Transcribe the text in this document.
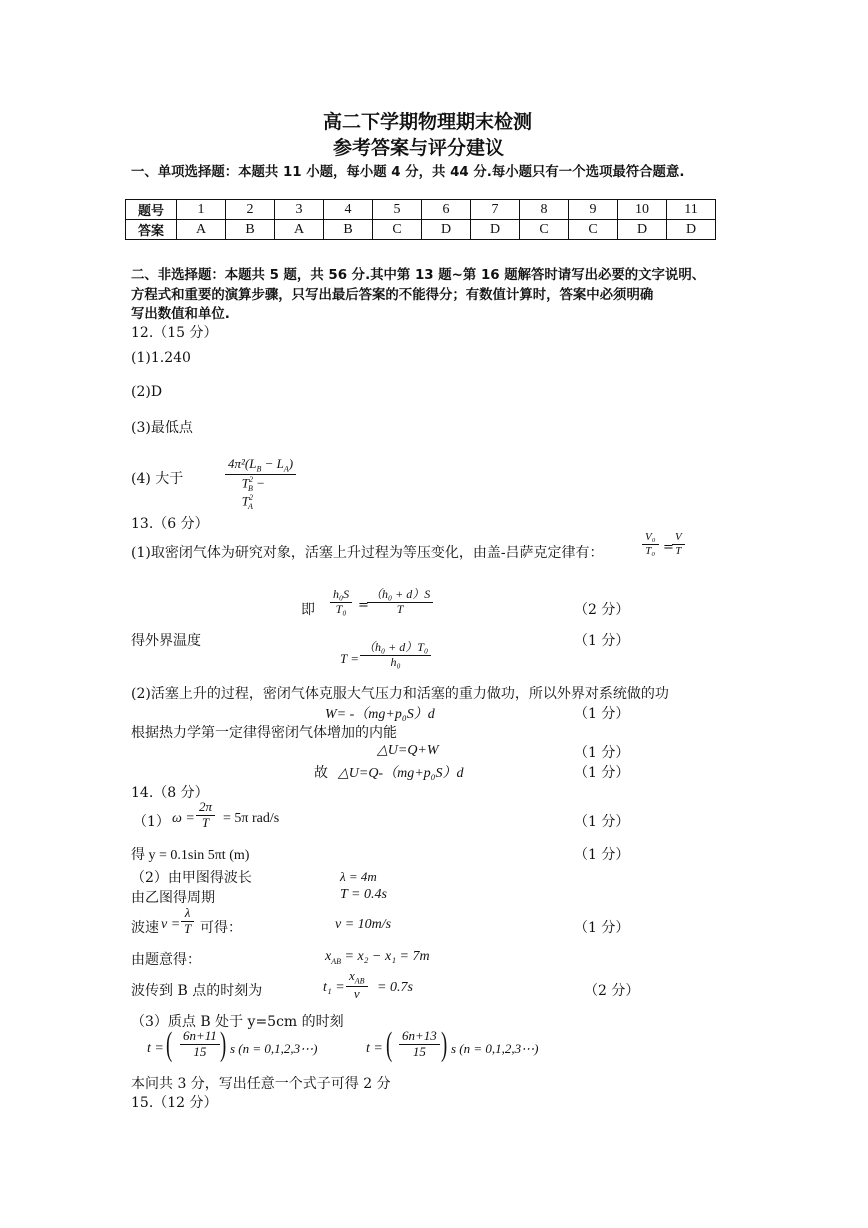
高二下学期物理期末检测
参考答案与评分建议
一、单项选择题：本题共 11 小题，每小题 4 分，共 44 分.每小题只有一个选项最符合题意.
题号	1	2	3	4	5	6	7	8	9	10	11
答案	A	B	A	B	C	D	D	C	C	D	D
二、非选择题：本题共 5 题，共 56 分.其中第 13 题~第 16 题解答时请写出必要的文字说明、
方程式和重要的演算步骤，只写出最后答案的不能得分；有数值计算时，答案中必须明确
写出数值和单位.
12.（15 分）
(1)1.240
(2)D
(3)最低点
(4) 大于
$4\pi^2(L_B - L_A)$
$T^2_B - T^2_A$
13.（6 分）
(1)取密闭气体为研究对象，活塞上升过程为等压变化，由盖-吕萨克定律有：
V₀
T₀ =
V
T
即
h₀S
T₀ =
（h₀ + d）S
T	（2 分）
得外界温度	（1 分）
T =
（h₀ + d）T₀
h₀
(2)活塞上升的过程，密闭气体克服大气压力和活塞的重力做功，所以外界对系统做的功
W= -（mg+p₀S）d	（1 分）
根据热力学第一定律得密闭气体增加的内能
△U=Q+W	（1 分）
故 △U=Q-（mg+p₀S）d	（1 分）
14.（8 分）
（1） ω =
2π
T = 5π rad/s	（1 分）
得 y = 0.1sin 5πt (m)	（1 分）
（2）由甲图得波长	λ = 4m
由乙图得周期	T = 0.4s
波速 v =
λ
T 可得：	v = 10m/s	（1 分）
由题意得：	$x_{AB} = x_2 - x_1 = 7m$
波传到 B 点的时刻为	t₁ =
$x_{AB}$
v = 0.7s	（2 分）
（3）质点 B 处于 y=5cm 的时刻
t = ( 6n+11
15 ) s (n = 0,1,2,3⋯)	t = ( 6n+13
15 ) s (n = 0,1,2,3⋯)
本问共 3 分，写出任意一个式子可得 2 分
15.（12 分）
